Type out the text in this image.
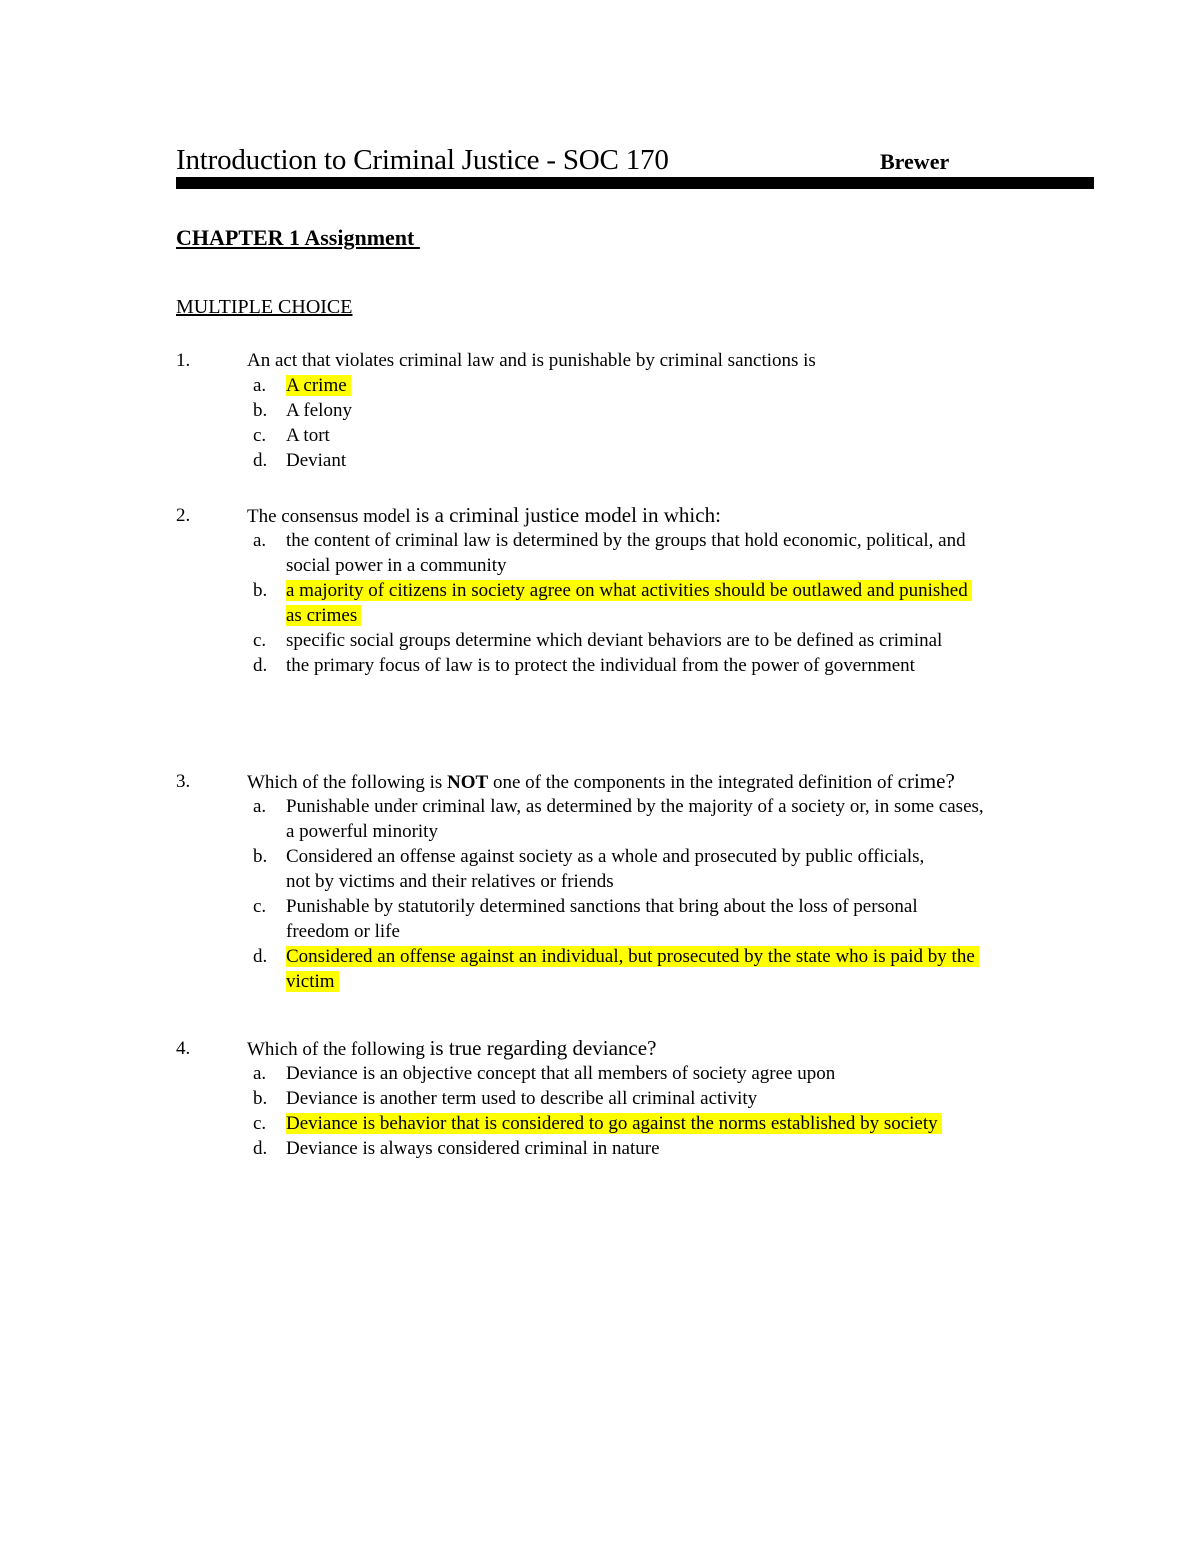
Introduction to Criminal Justice - SOC 170	Brewer
CHAPTER 1 Assignment
MULTIPLE CHOICE
1.	An act that violates criminal law and is punishable by criminal sanctions is
a. A crime
b. A felony
c. A tort
d. Deviant
2.	The consensus model is a criminal justice model in which:
a. the content of criminal law is determined by the groups that hold economic, political, and social power in a community
b. a majority of citizens in society agree on what activities should be outlawed and punished as crimes
c. specific social groups determine which deviant behaviors are to be defined as criminal
d. the primary focus of law is to protect the individual from the power of government
3.	Which of the following is NOT one of the components in the integrated definition of crime?
a. Punishable under criminal law, as determined by the majority of a society or, in some cases, a powerful minority
b. Considered an offense against society as a whole and prosecuted by public officials, not by victims and their relatives or friends
c. Punishable by statutorily determined sanctions that bring about the loss of personal freedom or life
d. Considered an offense against an individual, but prosecuted by the state who is paid by the victim
4.	Which of the following is true regarding deviance?
a. Deviance is an objective concept that all members of society agree upon
b. Deviance is another term used to describe all criminal activity
c. Deviance is behavior that is considered to go against the norms established by society
d. Deviance is always considered criminal in nature
